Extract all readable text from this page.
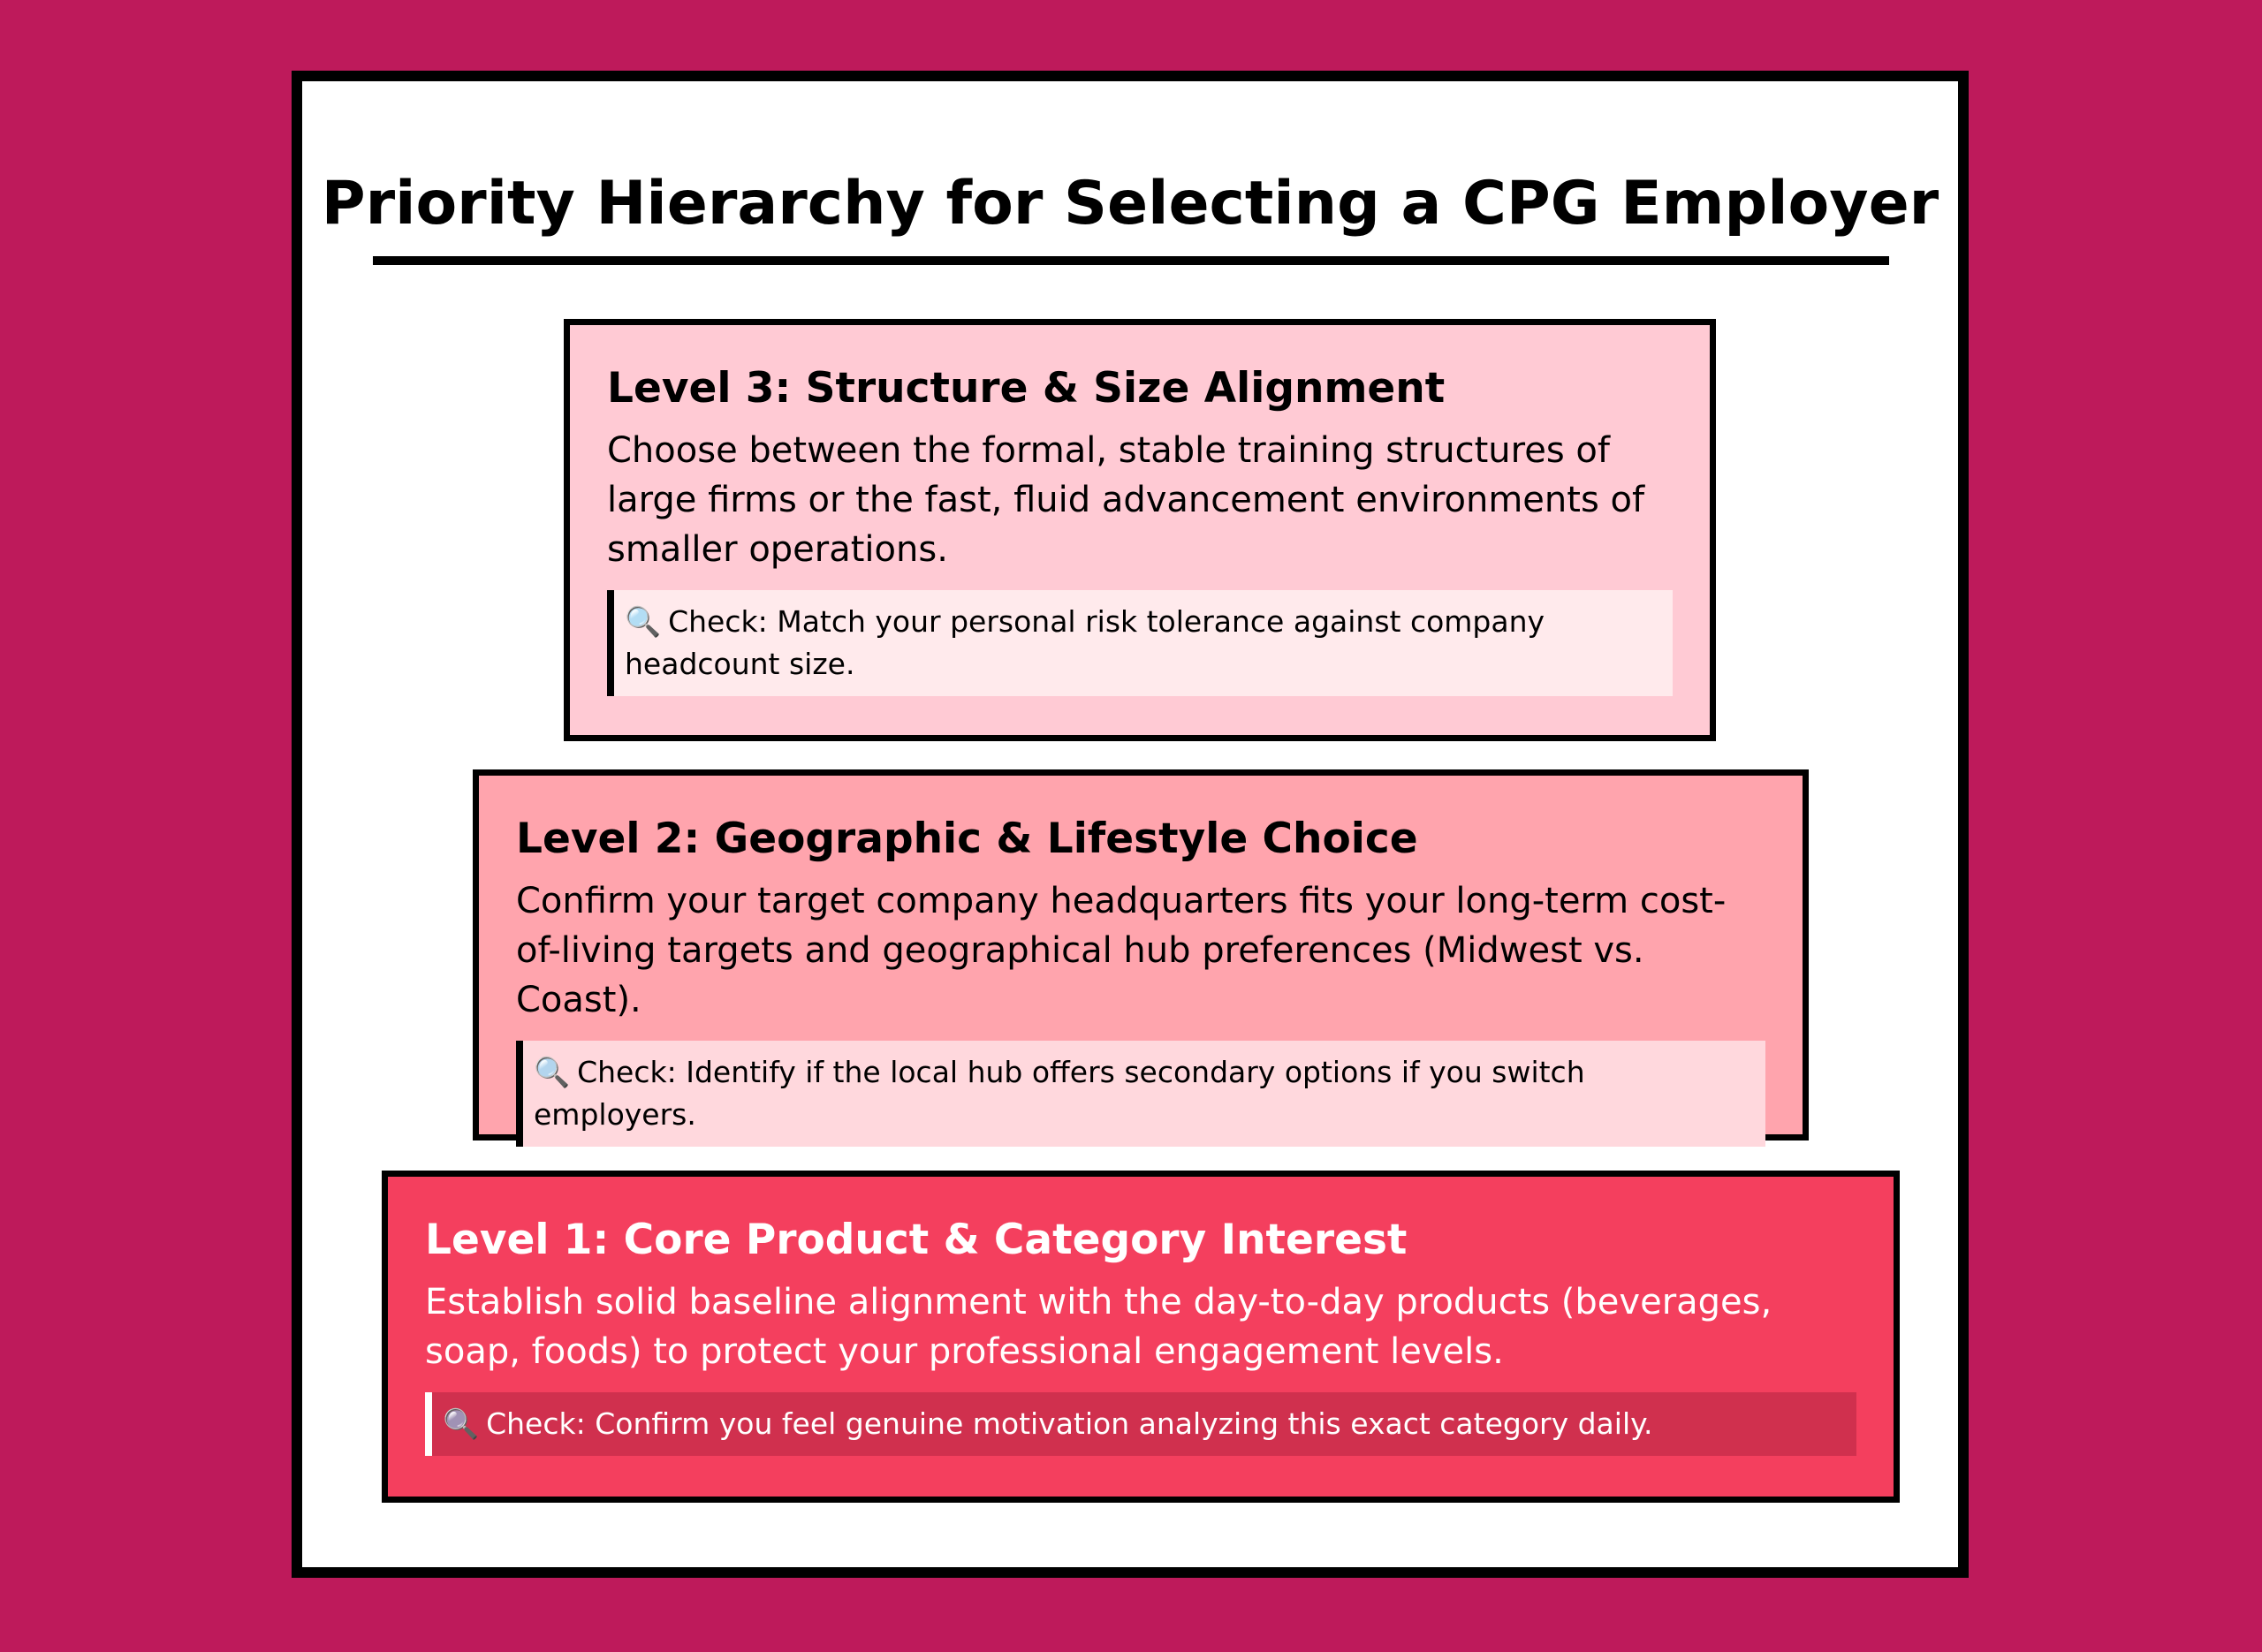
Priority Hierarchy for Selecting a CPG Employer
Level 3: Structure & Size Alignment
Choose between the formal, stable training structures of large firms or the fast, fluid advancement environments of smaller operations.
🔍 Check: Match your personal risk tolerance against company headcount size.
Level 2: Geographic & Lifestyle Choice
Confirm your target company headquarters fits your long-term cost-of-living targets and geographical hub preferences (Midwest vs. Coast).
🔍 Check: Identify if the local hub offers secondary options if you switch employers.
Level 1: Core Product & Category Interest
Establish solid baseline alignment with the day-to-day products (beverages, soap, foods) to protect your professional engagement levels.
🔍 Check: Confirm you feel genuine motivation analyzing this exact category daily.
